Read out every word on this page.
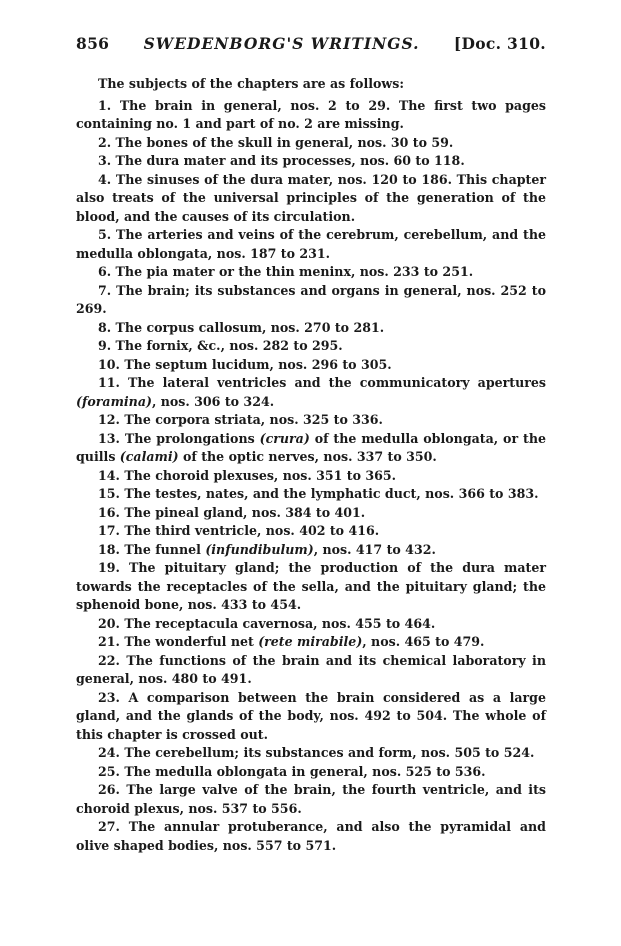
856 SWEDENBORG'S WRITINGS. [Doc. 310.

The subjects of the chapters are as follows:

1. The brain in general, nos. 2 to 29. The first two pages containing no. 1 and part of no. 2 are missing.

2. The bones of the skull in general, nos. 30 to 59.

3. The dura mater and its processes, nos. 60 to 118.

4. The sinuses of the dura mater, nos. 120 to 186. This chapter also treats of the universal principles of the generation of the blood, and the causes of its circulation.

5. The arteries and veins of the cerebrum, cerebellum, and the medulla oblongata, nos. 187 to 231.

6. The pia mater or the thin meninx, nos. 233 to 251.

7. The brain; its substances and organs in general, nos. 252 to 269.

8. The corpus callosum, nos. 270 to 281.

9. The fornix, &c., nos. 282 to 295.

10. The septum lucidum, nos. 296 to 305.

11. The lateral ventricles and the communicatory apertures (foramina), nos. 306 to 324.

12. The corpora striata, nos. 325 to 336.

13. The prolongations (crura) of the medulla oblongata, or the quills (calami) of the optic nerves, nos. 337 to 350.

14. The choroid plexuses, nos. 351 to 365.

15. The testes, nates, and the lymphatic duct, nos. 366 to 383.

16. The pineal gland, nos. 384 to 401.

17. The third ventricle, nos. 402 to 416.

18. The funnel (infundibulum), nos. 417 to 432.

19. The pituitary gland; the production of the dura mater towards the receptacles of the sella, and the pituitary gland; the sphenoid bone, nos. 433 to 454.

20. The receptacula cavernosa, nos. 455 to 464.

21. The wonderful net (rete mirabile), nos. 465 to 479.

22. The functions of the brain and its chemical laboratory in general, nos. 480 to 491.

23. A comparison between the brain considered as a large gland, and the glands of the body, nos. 492 to 504. The whole of this chapter is crossed out.

24. The cerebellum; its substances and form, nos. 505 to 524.

25. The medulla oblongata in general, nos. 525 to 536.

26. The large valve of the brain, the fourth ventricle, and its choroid plexus, nos. 537 to 556.

27. The annular protuberance, and also the pyramidal and olive shaped bodies, nos. 557 to 571.
